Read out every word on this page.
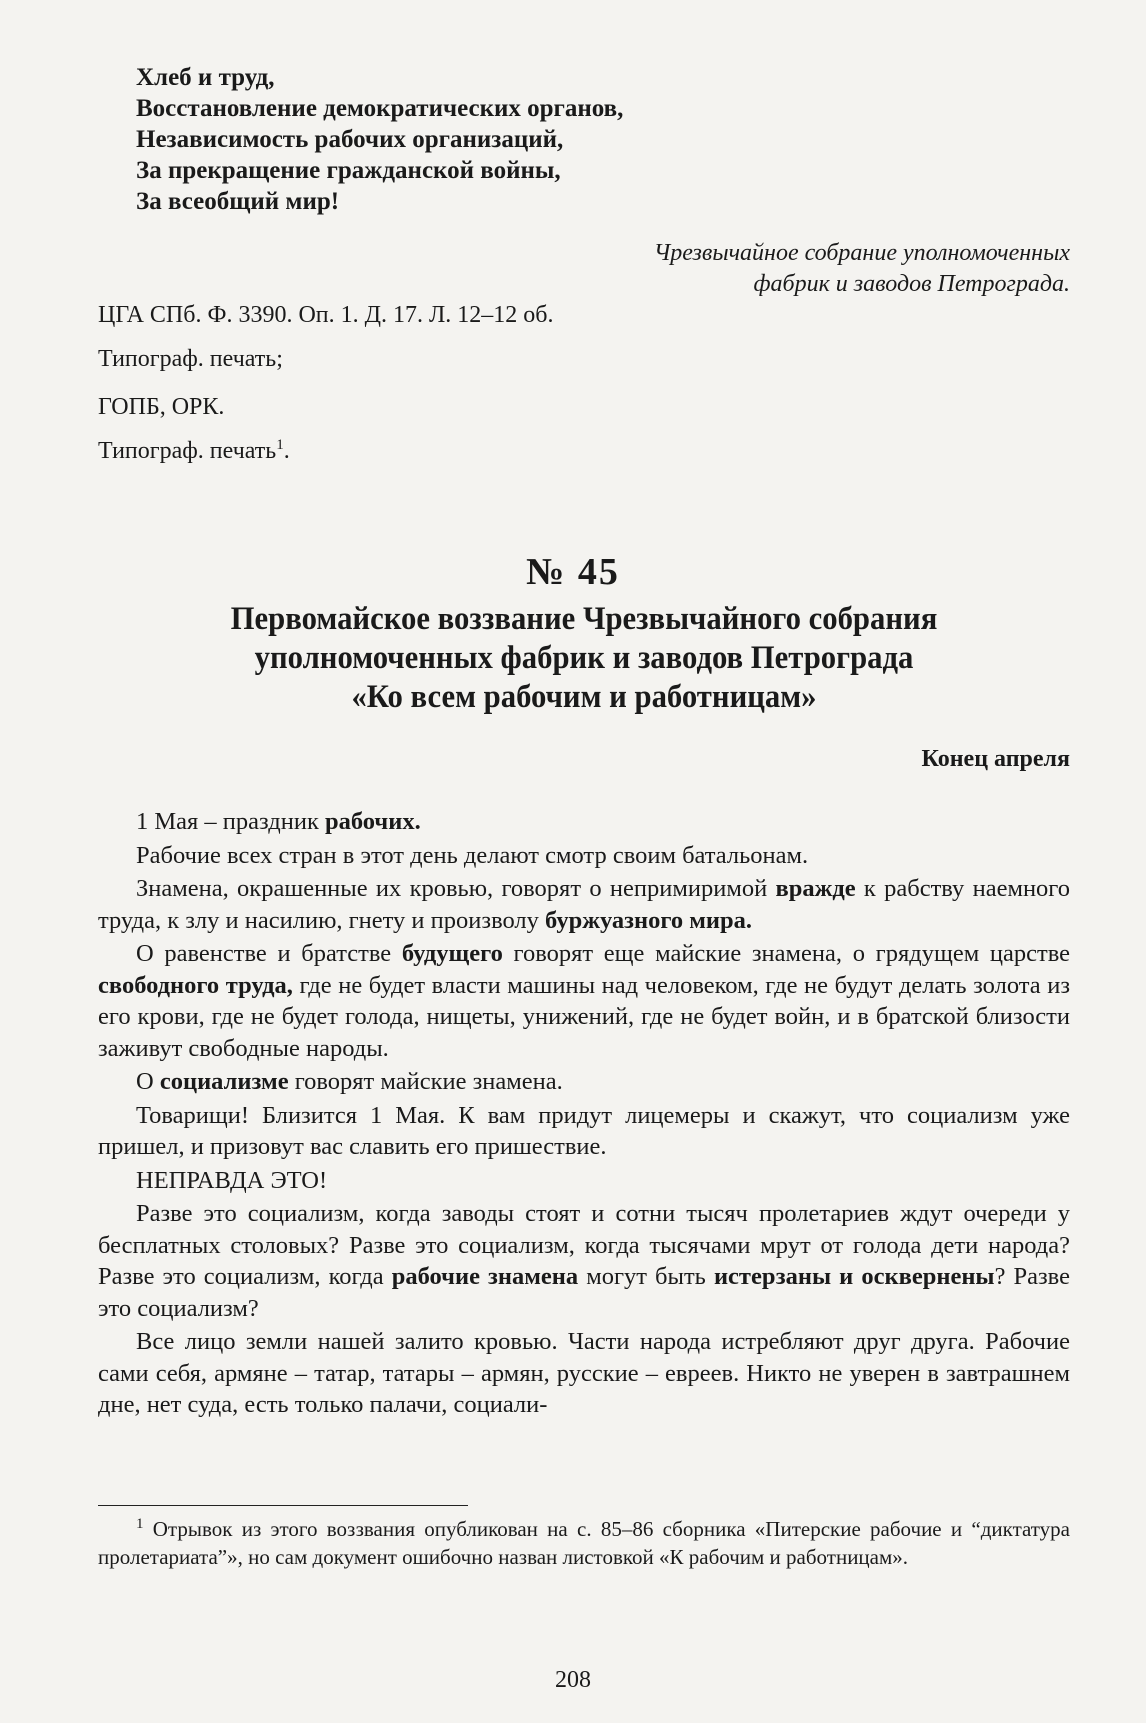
Хлеб и труд,
Восстановление демократических органов,
Независимость рабочих организаций,
За прекращение гражданской войны,
За всеобщий мир!
Чрезвычайное собрание уполномоченных
фабрик и заводов Петрограда.
ЦГА СПб. Ф. 3390. Оп. 1. Д. 17. Л. 12–12 об.
Типограф. печать;
ГОПБ, ОРК.
Типограф. печать$^1$.
№ 45
Первомайское воззвание Чрезвычайного собрания
уполномоченных фабрик и заводов Петрограда
«Ко всем рабочим и работницам»
Конец апреля

1 Мая – праздник рабочих.

Рабочие всех стран в этот день делают смотр своим батальонам.

Знамена, окрашенные их кровью, говорят о непримиримой вражде к рабству наемного труда, к злу и насилию, гнету и произволу буржуазного мира.

О равенстве и братстве будущего говорят еще майские знамена, о грядущем царстве свободного труда, где не будет власти машины над человеком, где не будут делать золота из его крови, где не будет голода, нищеты, унижений, где не будет войн, и в братской близости заживут свободные народы.

О социализме говорят майские знамена.

Товарищи! Близится 1 Мая. К вам придут лицемеры и скажут, что социализм уже пришел, и призовут вас славить его пришествие.

НЕПРАВДА ЭТО!

Разве это социализм, когда заводы стоят и сотни тысяч пролетариев ждут очереди у бесплатных столовых? Разве это социализм, когда тысячами мрут от голода дети народа? Разве это социализм, когда рабочие знамена могут быть истерзаны и осквернены? Разве это социализм?

Все лицо земли нашей залито кровью. Части народа истребляют друг друга. Рабочие сами себя, армяне – татар, татары – армян, русские – евреев. Никто не уверен в завтрашнем дне, нет суда, есть только палачи, социали-

$^1$ Отрывок из этого воззвания опубликован на с. 85–86 сборника «Питерские рабочие и “диктатура пролетариата”», но сам документ ошибочно назван листовкой «К рабочим и работницам».
208
